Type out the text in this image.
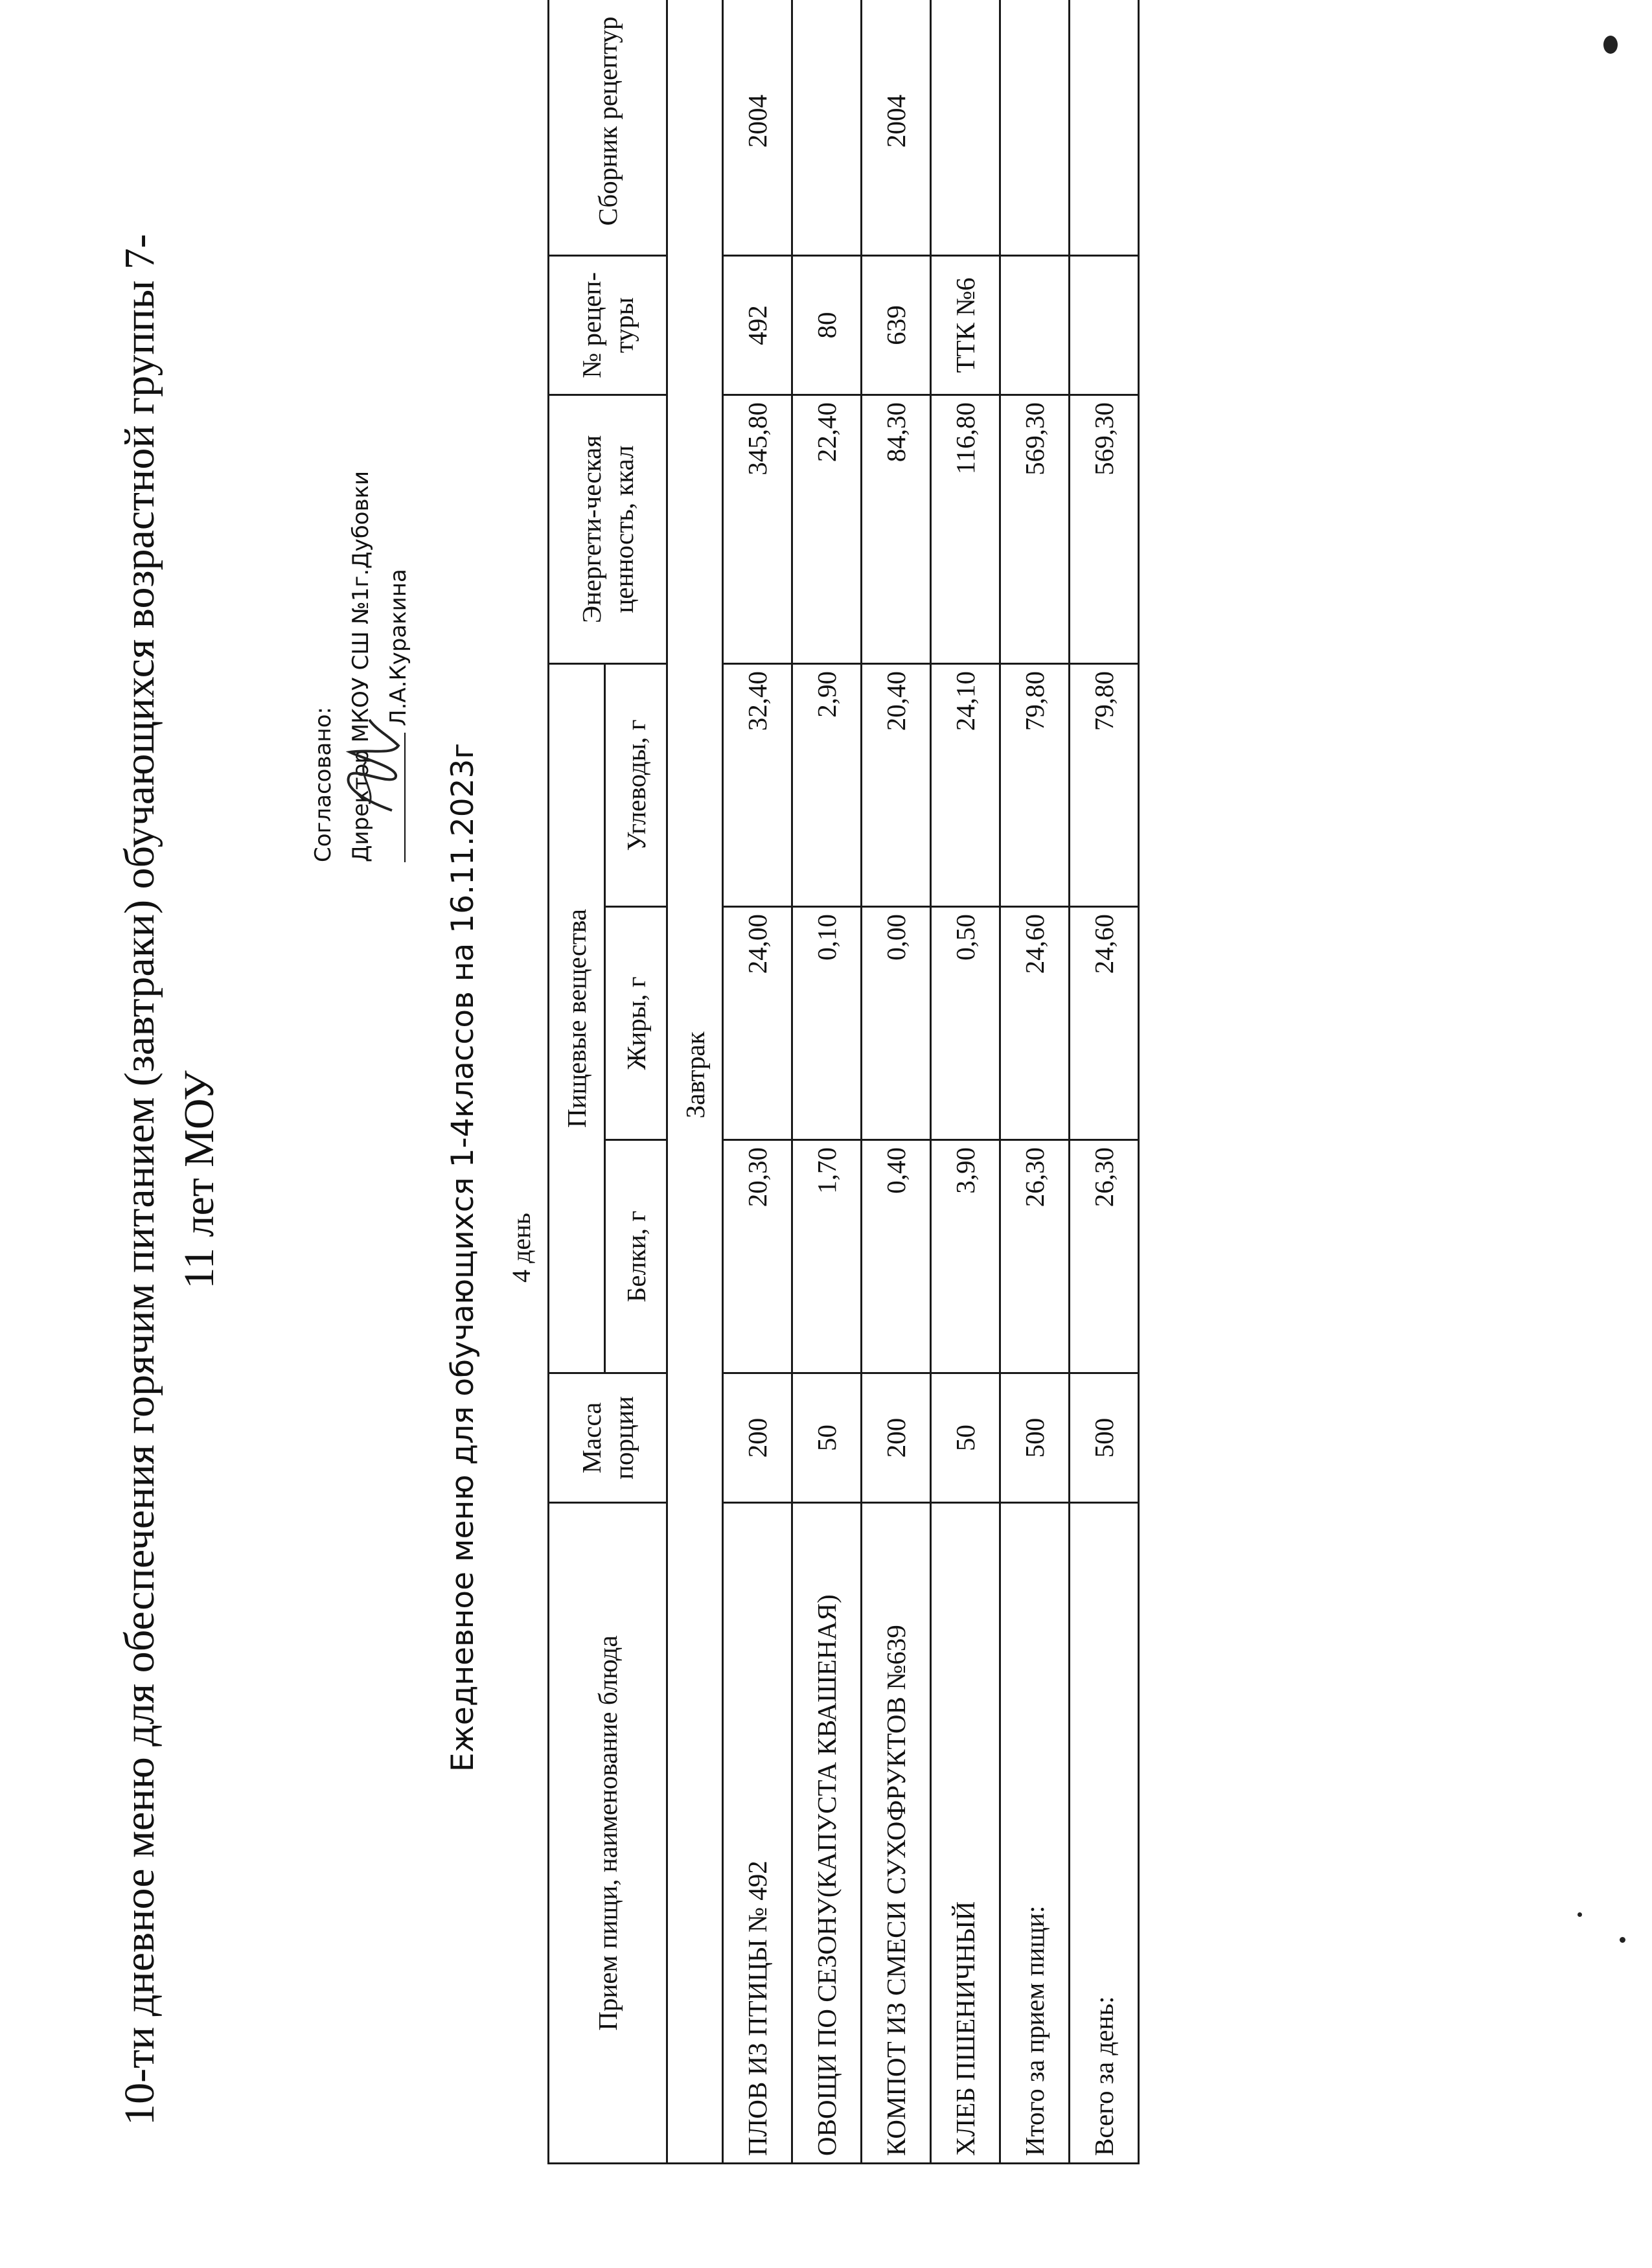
10-ти дневное меню для обеспечения горячим питанием (завтраки) обучающихся возрастной группы 7- 11 лет МОУ
Согласовано: Директор МКОУ СШ №1г.Дубовки Л.А.Куракина
Ежедневное меню для обучающихся 1-4классов на 16.11.2023г 4 день
Прием пищи, наименование блюда	Масса порции	Пищевые вещества			Энергети-ческая ценность, ккал	№ рецеп-туры	Сборник рецептур
		Белки, г	Жиры, г	Углеводы, г			
Завтрак							
ПЛОВ ИЗ ПТИЦЫ № 492	200	20,30	24,00	32,40	345,80	492	2004
ОВОЩИ ПО СЕЗОНУ(КАПУСТА КВАШЕНАЯ)	50	1,70	0,10	2,90	22,40	80	
КОМПОТ ИЗ СМЕСИ СУХОФРУКТОВ №639	200	0,40	0,00	20,40	84,30	639	2004
ХЛЕБ ПШЕНИЧНЫЙ	50	3,90	0,50	24,10	116,80	ТТК №6	
Итого за прием пищи:	500	26,30	24,60	79,80	569,30		
Всего за день:	500	26,30	24,60	79,80	569,30		
